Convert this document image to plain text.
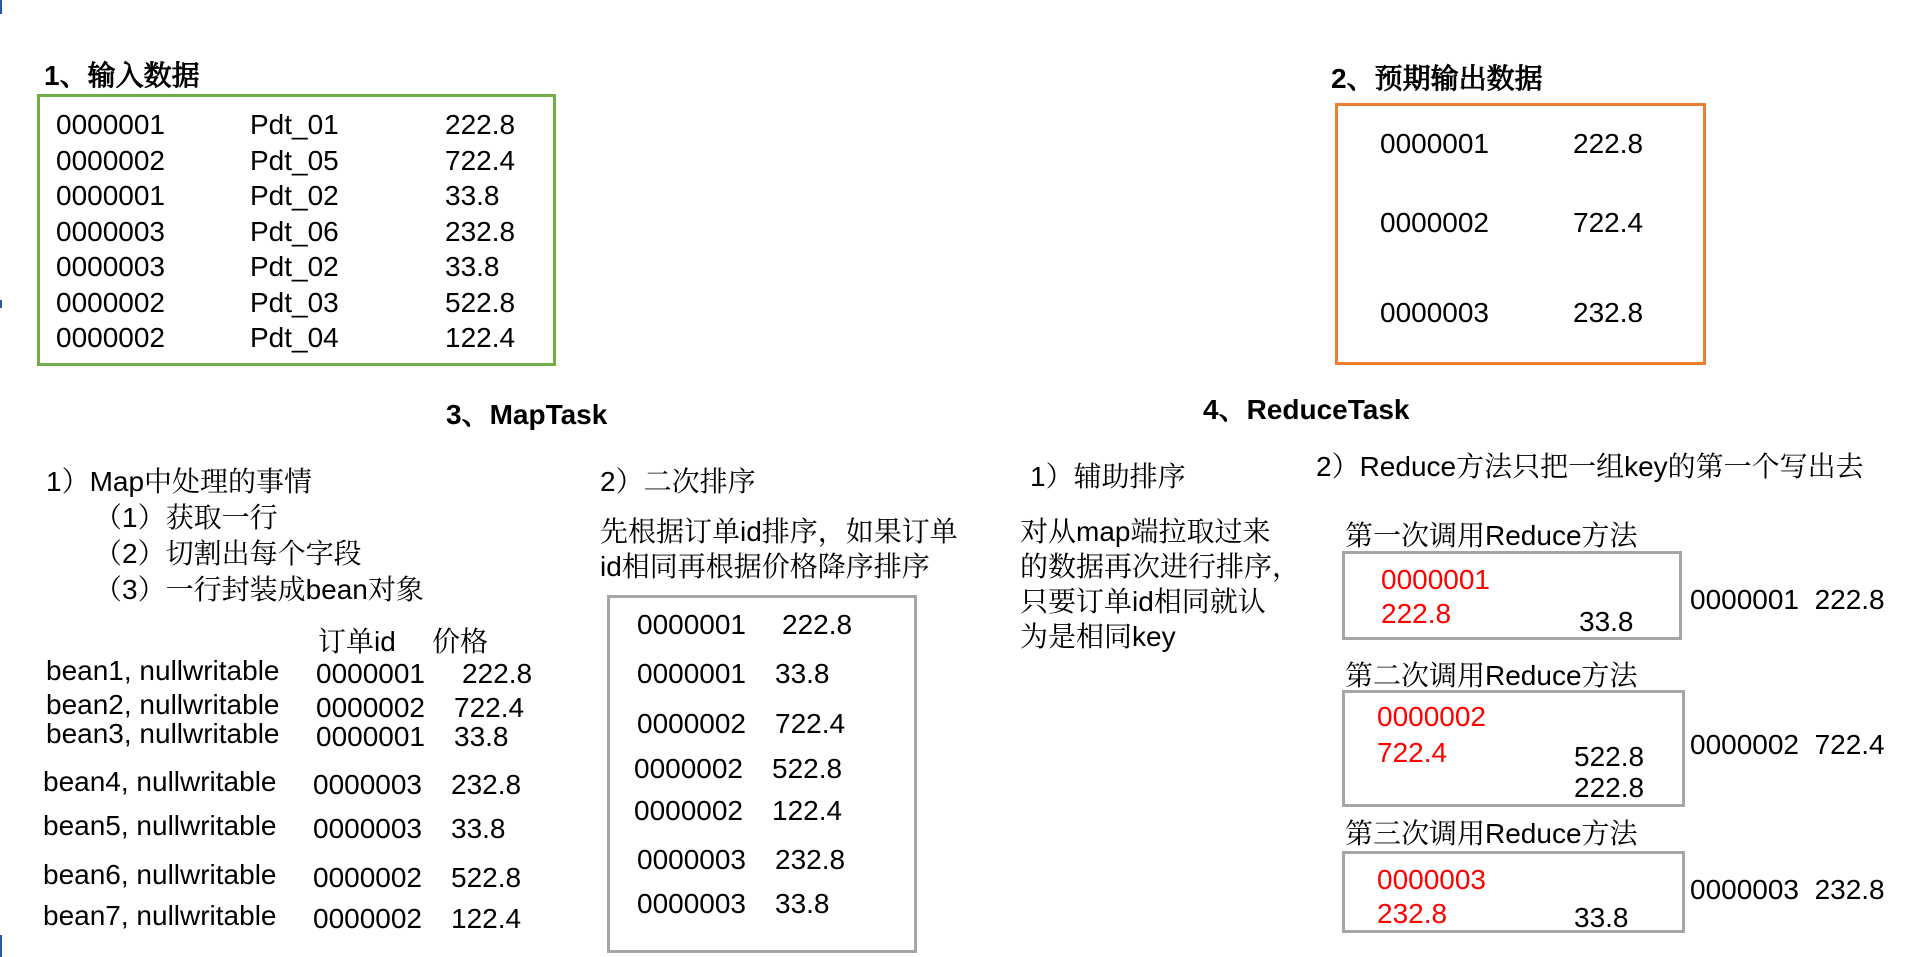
1、输入数据
0000001	Pdt_01	222.8
0000002	Pdt_05	722.4
0000001	Pdt_02	33.8
0000003	Pdt_06	232.8
0000003	Pdt_02	33.8
0000002	Pdt_03	522.8
0000002	Pdt_04	122.4
2、预期输出数据
0000001	222.8
0000002	722.4
0000003	232.8
3、MapTask
1）Map中处理的事情
（1）获取一行
（2）切割出每个字段
（3）一行封装成bean对象
订单id 价格
bean1, nullwritable 0000001 222.8
bean2, nullwritable 0000002 722.4
bean3, nullwritable 0000001 33.8
bean4, nullwritable 0000003 232.8
bean5, nullwritable 0000003 33.8
bean6, nullwritable 0000002 522.8
bean7, nullwritable 0000002 122.4
2）二次排序
先根据订单id排序，如果订单
id相同再根据价格降序排序
0000001 222.8
0000001 33.8
0000002 722.4
0000002 522.8
0000002 122.4
0000003 232.8
0000003 33.8
4、ReduceTask
1）辅助排序
对从map端拉取过来
的数据再次进行排序，
只要订单id相同就认
为是相同key
2）Reduce方法只把一组key的第一个写出去
第一次调用Reduce方法
0000001
222.8	33.8
0000001  222.8
第二次调用Reduce方法
0000002
722.4	522.8
222.8
0000002  722.4
第三次调用Reduce方法
0000003
232.8	33.8
0000003  232.8
